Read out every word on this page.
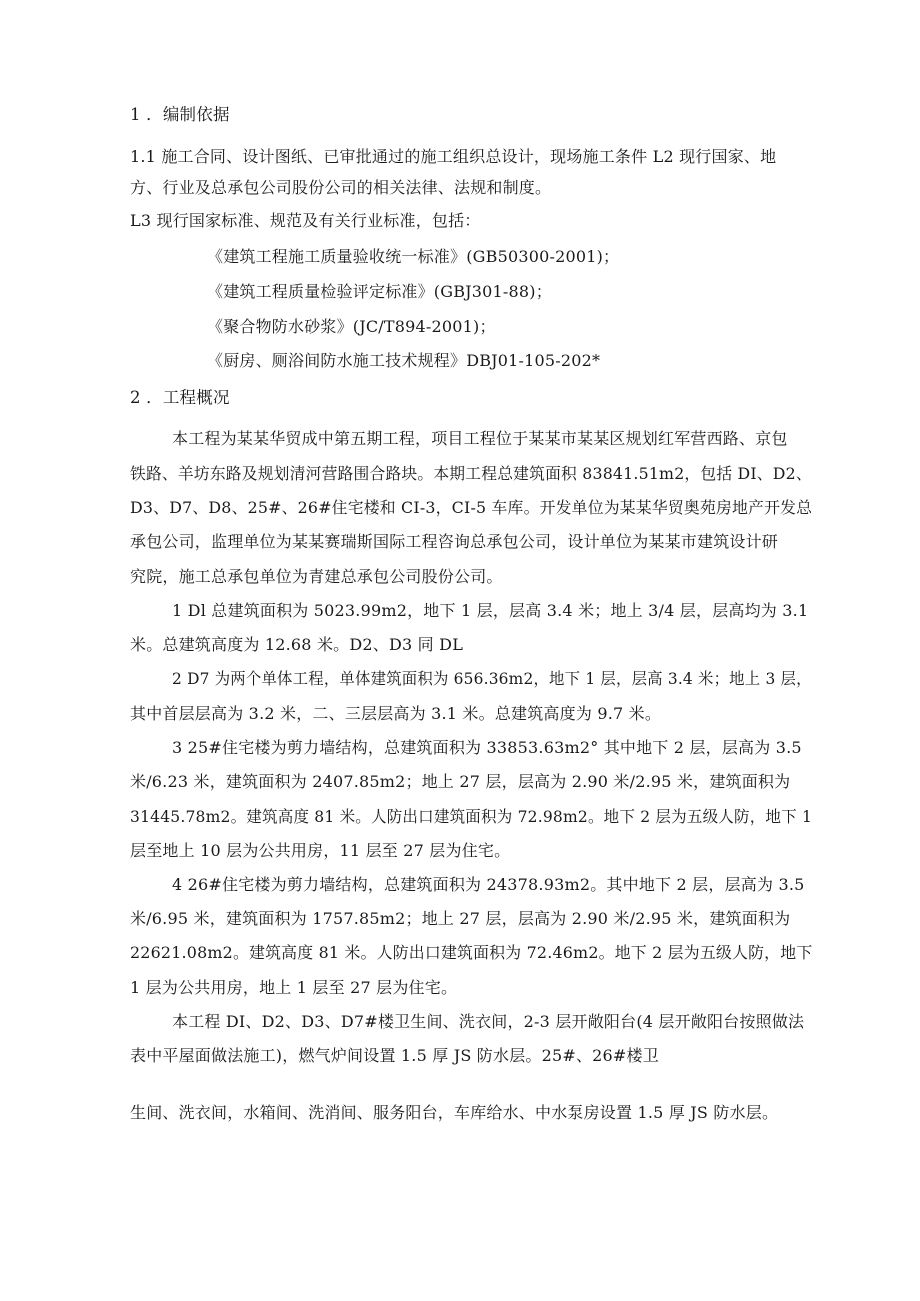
1 ．编制依据
1.1 施工合同、设计图纸、已审批通过的施工组织总设计，现场施工条件 L2 现行国家、地
方、行业及总承包公司股份公司的相关法律、法规和制度。
L3 现行国家标准、规范及有关行业标准，包括：
《建筑工程施工质量验收统一标准》(GB50300-2001)；
《建筑工程质量检验评定标准》(GBJ301-88)；
《聚合物防水砂浆》(JC/T894-2001)；
《厨房、厕浴间防水施工技术规程》DBJ01-105-202*
2 ．工程概况
本工程为某某华贸成中第五期工程，项目工程位于某某市某某区规划红军营西路、京包
铁路、羊坊东路及规划清河营路围合路块。本期工程总建筑面积 83841.51m2，包括 DI、D2、
D3、D7、D8、25#、26#住宅楼和 CI-3，CI-5 车库。开发单位为某某华贸奥苑房地产开发总
承包公司，监理单位为某某赛瑞斯国际工程咨询总承包公司，设计单位为某某市建筑设计研
究院，施工总承包单位为青建总承包公司股份公司。
1 Dl 总建筑面积为 5023.99m2，地下 1 层，层高 3.4 米；地上 3/4 层，层高均为 3.1
米。总建筑高度为 12.68 米。D2、D3 同 DL
2 D7 为两个单体工程，单体建筑面积为 656.36m2，地下 1 层，层高 3.4 米；地上 3 层，
其中首层层高为 3.2 米，二、三层层高为 3.1 米。总建筑高度为 9.7 米。
3 25#住宅楼为剪力墙结构，总建筑面积为 33853.63m2° 其中地下 2 层，层高为 3.5
米/6.23 米，建筑面积为 2407.85m2；地上 27 层，层高为 2.90 米/2.95 米，建筑面积为
31445.78m2。建筑高度 81 米。人防出口建筑面积为 72.98m2。地下 2 层为五级人防，地下 1
层至地上 10 层为公共用房，11 层至 27 层为住宅。
4 26#住宅楼为剪力墙结构，总建筑面积为 24378.93m2。其中地下 2 层，层高为 3.5
米/6.95 米，建筑面积为 1757.85m2；地上 27 层，层高为 2.90 米/2.95 米，建筑面积为
22621.08m2。建筑高度 81 米。人防出口建筑面积为 72.46m2。地下 2 层为五级人防，地下
1 层为公共用房，地上 1 层至 27 层为住宅。
本工程 DI、D2、D3、D7#楼卫生间、洗衣间，2-3 层开敞阳台(4 层开敞阳台按照做法
表中平屋面做法施工)，燃气炉间设置 1.5 厚 JS 防水层。25#、26#楼卫
生间、洗衣间，水箱间、洗消间、服务阳台，车库给水、中水泵房设置 1.5 厚 JS 防水层。
